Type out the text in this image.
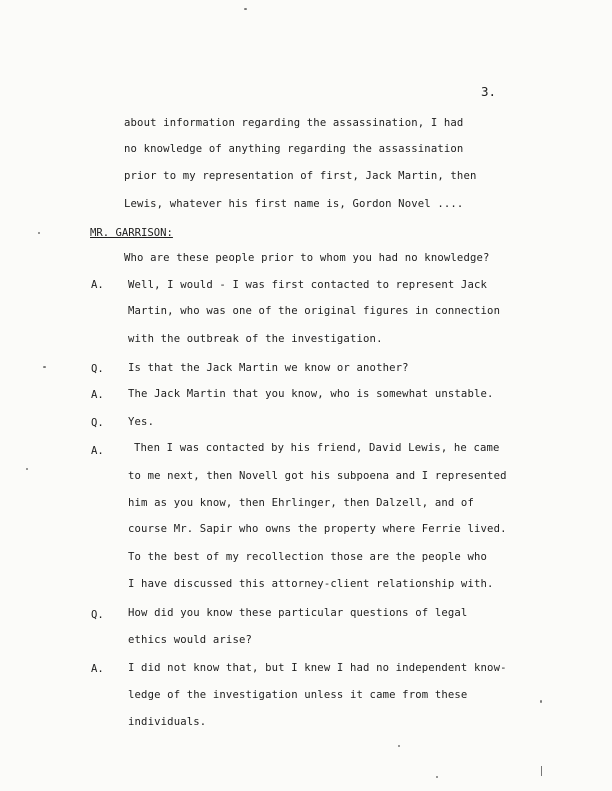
3.
about information regarding the assassination, I had
no knowledge of anything regarding the assassination
prior to my representation of first, Jack Martin, then
Lewis, whatever his first name is, Gordon Novel ....
MR. GARRISON:
Who are these people prior to whom you had no knowledge?
A. Well, I would - I was first contacted to represent Jack
Martin, who was one of the original figures in connection
with the outbreak of the investigation.
Q. Is that the Jack Martin we know or another?
A. The Jack Martin that you know, who is somewhat unstable.
Q. Yes.
A.	Then I was contacted by his friend, David Lewis, he came
to me next, then Novell got his subpoena and I represented
him as you know, then Ehrlinger, then Dalzell, and of
course Mr. Sapir who owns the property where Ferrie lived.
To the best of my recollection those are the people who
I have discussed this attorney-client relationship with.
Q. How did you know these particular questions of legal
ethics would arise?
A. I did not know that, but I knew I had no independent know-
ledge of the investigation unless it came from these
individuals.
